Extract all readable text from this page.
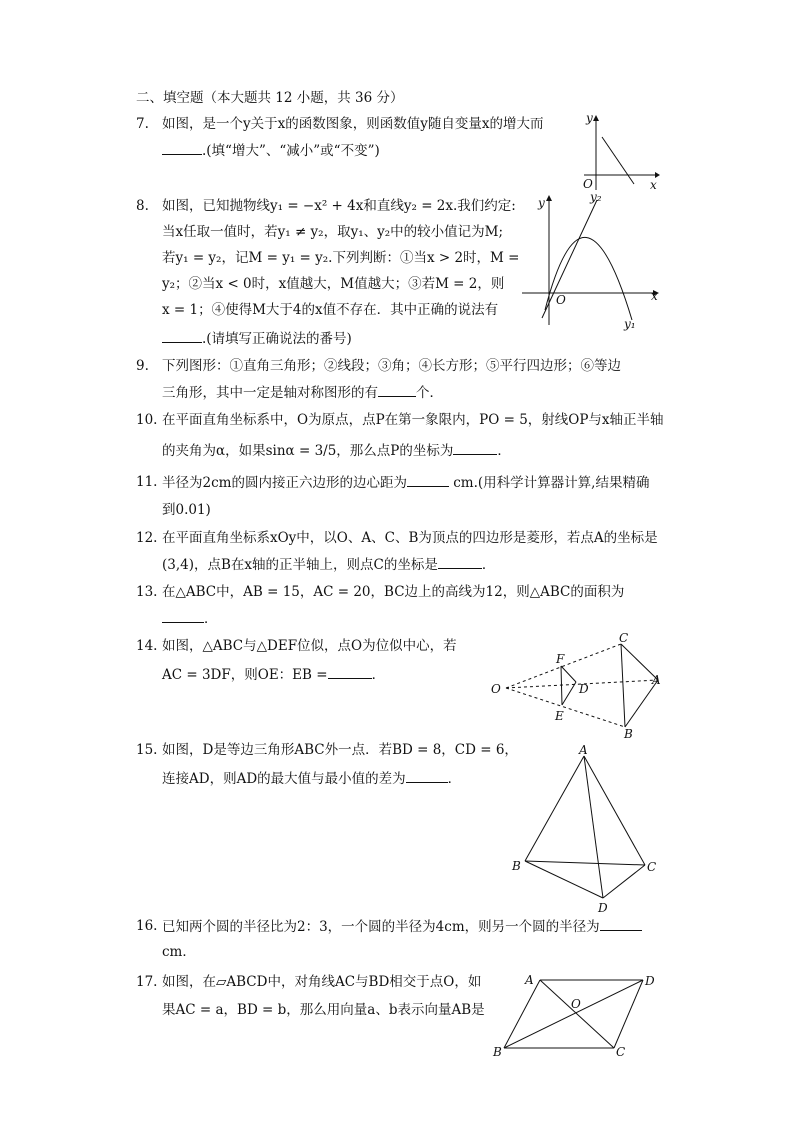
二、填空题（本大题共 12 小题，共 36 分）
7. 如图，是一个y关于x的函数图象，则函数值y随自变量x的增大而
.(填“增大”、“减小”或“不变”)
8. 如图，已知抛物线y₁ = −x² + 4x和直线y₂ = 2x.我们约定:
当x任取一值时，若y₁ ≠ y₂，取y₁、y₂中的较小值记为M;
若y₁ = y₂，记M = y₁ = y₂.下列判断：①当x > 2时，M =
y₂；②当x < 0时，x值越大，M值越大；③若M = 2，则
x = 1；④使得M大于4的x值不存在．其中正确的说法有
.(请填写正确说法的番号)
9. 下列图形：①直角三角形；②线段；③角；④长方形；⑤平行四边形；⑥等边
三角形，其中一定是轴对称图形的有	个．
10. 在平面直角坐标系中，O为原点，点P在第一象限内，PO = 5，射线OP与x轴正半轴
的夹角为α，如果sinα = 3/5，那么点P的坐标为	．
11. 半径为2cm的圆内接正六边形的边心距为	cm.(用科学计算器计算,结果精确
到0.01)
12. 在平面直角坐标系xOy中，以O、A、C、B为顶点的四边形是菱形，若点A的坐标是
(3,4)，点B在x轴的正半轴上，则点C的坐标是	．
13. 在△ABC中，AB = 15，AC = 20，BC边上的高线为12，则△ABC的面积为
．
14. 如图，△ABC与△DEF位似，点O为位似中心，若
AC = 3DF，则OE：EB =	．
15. 如图，D是等边三角形ABC外一点．若BD = 8，CD = 6，
连接AD，则AD的最大值与最小值的差为	．
16. 已知两个圆的半径比为2：3，一个圆的半径为4cm，则另一个圆的半径为
cm．
17. 如图，在▱ABCD中，对角线AC与BD相交于点O，如
果AC = a，BD = b，那么用向量a、b表示向量AB是
y
x
O
y	y₂
O	x
y₁
O
F
D
E
C
A
B
A
B	C
D
A	D
O
B	C
